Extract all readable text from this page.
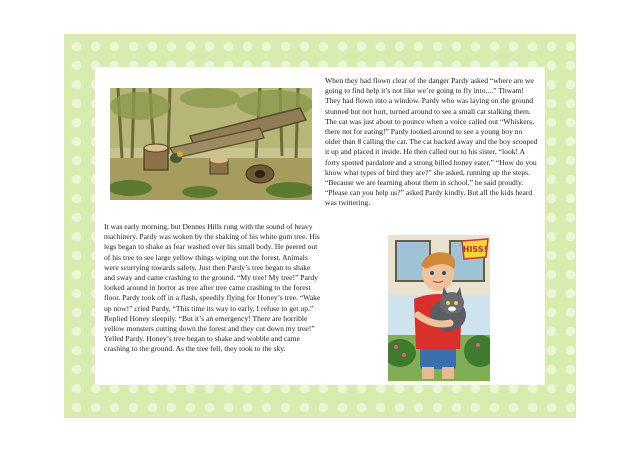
HISS!
It was early morning, but Dennes Hills rung with the sound of heavy machinery. Pardy was woken by the shaking of his white gum tree. His legs began to shake as fear washed over his small body. He peered out of his tree to see large yellow things wiping out the forest. Animals were scurrying towards safety. Just then Pardy’s tree began to shake and sway and came crashing to the ground. “My tree! My tree!” Pardy looked around in horror as tree after tree came crashing to the forest floor. Pardy took off in a flash, speedily flying for Honey’s tree. “Wake up now!” cried Pardy. “This time its way to early, I refuse to get up.” Replied Honey sleepily. “But it’s an emergency! There are horrible yellow monsters cutting down the forest and they cut down my tree!” Yelled Pardy. Honey’s tree began to shake and wobble and came crashing to the ground. As the tree fell, they took to the sky.
When they had flown clear of the danger Pardy asked “where are we going to find help it’s not like we’re going to fly into....” Thwam! They had flown into a window. Pardy who was laying on the ground stunned but not hurt, turned around to see a small cat stalking them. The cat was just about to pounce when a voice called out “Whiskers, there not for eating!” Pardy looked around to see a young boy no older than 8 calling the cat. The cat backed away and the boy scooped it up and placed it inside. He then called out to his sister, “look! A forty spotted pardalote and a strong billed honey eater.” “How do you know what types of bird they are?” she asked, running up the steps. “Because we are learning about them in school,” he said proudly. “Please can you help us?” asked Pardy kindly. But all the kids heard was twittering.
